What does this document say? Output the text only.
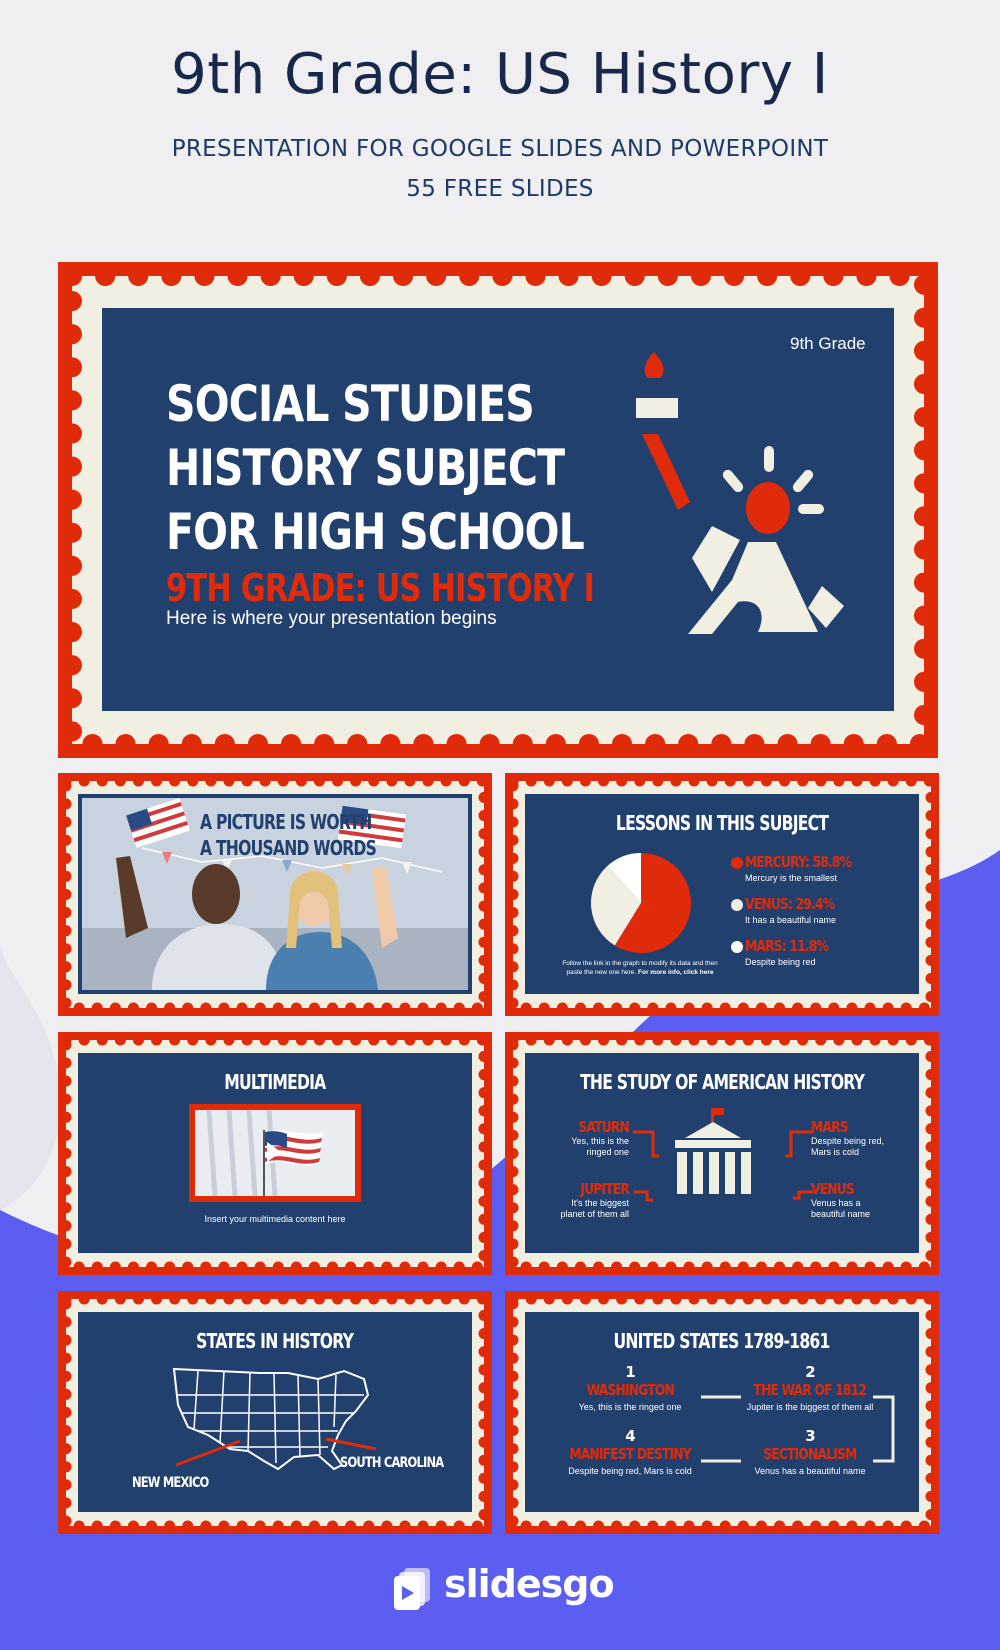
9th Grade: US History I
PRESENTATION FOR GOOGLE SLIDES AND POWERPOINT
55 FREE SLIDES
9th Grade
SOCIAL STUDIES
HISTORY SUBJECT
FOR HIGH SCHOOL
9TH GRADE: US HISTORY I
Here is where your presentation begins
A PICTURE IS WORTH
A THOUSAND WORDS
LESSONS IN THIS SUBJECT
MERCURY: 58.8%
Mercury is the smallest
VENUS: 29.4%
It has a beautiful name
MARS: 11.8%
Despite being red
Follow the link in the graph to modify its data and then
paste the new one here. For more info, click here
MULTIMEDIA
Insert your multimedia content here
THE STUDY OF AMERICAN HISTORY
SATURN
Yes, this is the
ringed one
MARS
Despite being red,
Mars is cold
JUPITER
It's the biggest
planet of them all
VENUS
Venus has a
beautiful name
STATES IN HISTORY
NEW MEXICO
SOUTH CAROLINA
UNITED STATES 1789-1861
1
WASHINGTON
Yes, this is the ringed one
2
THE WAR OF 1812
Jupiter is the biggest of them all
4
MANIFEST DESTINY
Despite being red, Mars is cold
3
SECTIONALISM
Venus has a beautiful name
slidesgo
